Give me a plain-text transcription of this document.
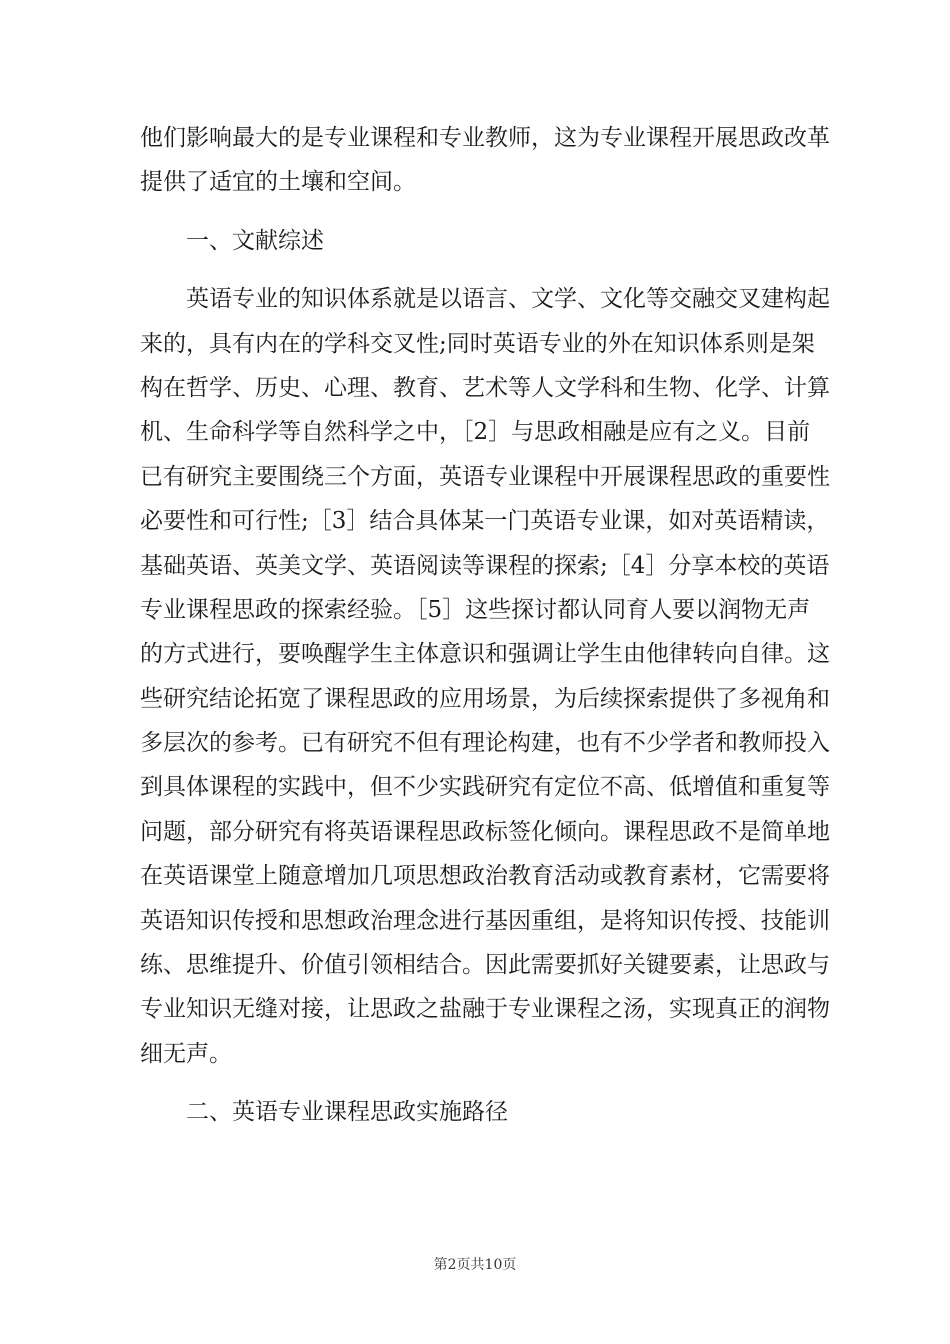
他们影响最大的是专业课程和专业教师，这为专业课程开展思政改革
提供了适宜的土壤和空间。
一、文献综述
英语专业的知识体系就是以语言、文学、文化等交融交叉建构起
来的，具有内在的学科交叉性;同时英语专业的外在知识体系则是架
构在哲学、历史、心理、教育、艺术等人文学科和生物、化学、计算
机、生命科学等自然科学之中，［2］与思政相融是应有之义。目前
已有研究主要围绕三个方面，英语专业课程中开展课程思政的重要性
必要性和可行性;［3］结合具体某一门英语专业课，如对英语精读，
基础英语、英美文学、英语阅读等课程的探索;［4］分享本校的英语
专业课程思政的探索经验。［5］这些探讨都认同育人要以润物无声
的方式进行，要唤醒学生主体意识和强调让学生由他律转向自律。这
些研究结论拓宽了课程思政的应用场景，为后续探索提供了多视角和
多层次的参考。已有研究不但有理论构建，也有不少学者和教师投入
到具体课程的实践中，但不少实践研究有定位不高、低增值和重复等
问题，部分研究有将英语课程思政标签化倾向。课程思政不是简单地
在英语课堂上随意增加几项思想政治教育活动或教育素材，它需要将
英语知识传授和思想政治理念进行基因重组，是将知识传授、技能训
练、思维提升、价值引领相结合。因此需要抓好关键要素，让思政与
专业知识无缝对接，让思政之盐融于专业课程之汤，实现真正的润物
细无声。
二、英语专业课程思政实施路径
第2页共10页
